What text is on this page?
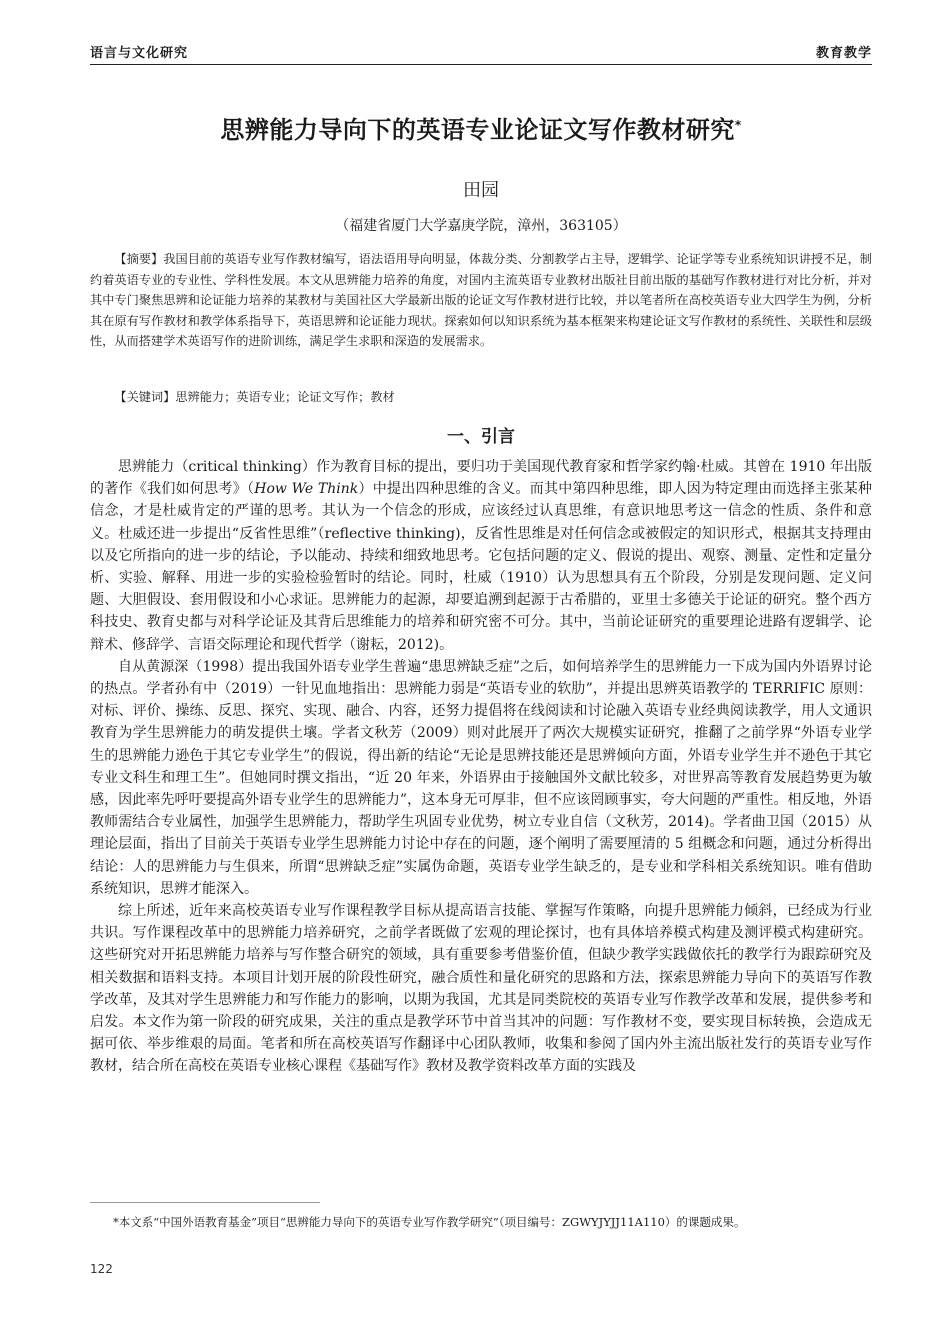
语言与文化研究	教育教学
思辨能力导向下的英语专业论证文写作教材研究*
田园
（福建省厦门大学嘉庚学院，漳州，363105）
【摘要】我国目前的英语专业写作教材编写，语法语用导向明显，体裁分类、分割教学占主导，逻辑学、论证学等专业系统知识讲授不足，制约着英语专业的专业性、学科性发展。本文从思辨能力培养的角度，对国内主流英语专业教材出版社目前出版的基础写作教材进行对比分析，并对其中专门聚焦思辨和论证能力培养的某教材与美国社区大学最新出版的论证文写作教材进行比较，并以笔者所在高校英语专业大四学生为例，分析其在原有写作教材和教学体系指导下，英语思辨和论证能力现状。探索如何以知识系统为基本框架来构建论证文写作教材的系统性、关联性和层级性，从而搭建学术英语写作的进阶训练，满足学生求职和深造的发展需求。
【关键词】思辨能力；英语专业；论证文写作；教材
一、引言

思辨能力（critical thinking）作为教育目标的提出，要归功于美国现代教育家和哲学家约翰·杜威。其曾在 1910 年出版的著作《我们如何思考》（How We Think）中提出四种思维的含义。而其中第四种思维，即人因为特定理由而选择主张某种信念，才是杜威肯定的严谨的思考。其认为一个信念的形成，应该经过认真思维，有意识地思考这一信念的性质、条件和意义。杜威还进一步提出“反省性思维”（reflective thinking)，反省性思维是对任何信念或被假定的知识形式，根据其支持理由以及它所指向的进一步的结论，予以能动、持续和细致地思考。它包括问题的定义、假说的提出、观察、测量、定性和定量分析、实验、解释、用进一步的实验检验暂时的结论。同时，杜威（1910）认为思想具有五个阶段，分别是发现问题、定义问题、大胆假设、套用假设和小心求证。思辨能力的起源，却要追溯到起源于古希腊的，亚里士多德关于论证的研究。整个西方科技史、教育史都与对科学论证及其背后思维能力的培养和研究密不可分。其中，当前论证研究的重要理论进路有逻辑学、论辩术、修辞学、言语交际理论和现代哲学（谢耘，2012)。

自从黄源深（1998）提出我国外语专业学生普遍“患思辨缺乏症”之后，如何培养学生的思辨能力一下成为国内外语界讨论的热点。学者孙有中（2019）一针见血地指出：思辨能力弱是“英语专业的软肋”，并提出思辨英语教学的 TERRIFIC 原则：对标、评价、操练、反思、探究、实现、融合、内容，还努力提倡将在线阅读和讨论融入英语专业经典阅读教学，用人文通识教育为学生思辨能力的萌发提供土壤。学者文秋芳（2009）则对此展开了两次大规模实证研究，推翻了之前学界“外语专业学生的思辨能力逊色于其它专业学生”的假说，得出新的结论“无论是思辨技能还是思辨倾向方面，外语专业学生并不逊色于其它专业文科生和理工生”。但她同时撰文指出，“近 20 年来，外语界由于接触国外文献比较多，对世界高等教育发展趋势更为敏感，因此率先呼吁要提高外语专业学生的思辨能力”，这本身无可厚非，但不应该罔顾事实，夸大问题的严重性。相反地，外语教师需结合专业属性，加强学生思辨能力，帮助学生巩固专业优势，树立专业自信（文秋芳，2014)。学者曲卫国（2015）从理论层面，指出了目前关于英语专业学生思辨能力讨论中存在的问题，逐个阐明了需要厘清的 5 组概念和问题，通过分析得出结论：人的思辨能力与生俱来，所谓“思辨缺乏症”实属伪命题，英语专业学生缺乏的，是专业和学科相关系统知识。唯有借助系统知识，思辨才能深入。

综上所述，近年来高校英语专业写作课程教学目标从提高语言技能、掌握写作策略，向提升思辨能力倾斜，已经成为行业共识。写作课程改革中的思辨能力培养研究，之前学者既做了宏观的理论探讨，也有具体培养模式构建及测评模式构建研究。这些研究对开拓思辨能力培养与写作整合研究的领域，具有重要参考借鉴价值，但缺少教学实践做依托的教学行为跟踪研究及相关数据和语料支持。本项目计划开展的阶段性研究，融合质性和量化研究的思路和方法，探索思辨能力导向下的英语写作教学改革，及其对学生思辨能力和写作能力的影响，以期为我国，尤其是同类院校的英语专业写作教学改革和发展，提供参考和启发。本文作为第一阶段的研究成果，关注的重点是教学环节中首当其冲的问题：写作教材不变，要实现目标转换，会造成无据可依、举步维艰的局面。笔者和所在高校英语写作翻译中心团队教师，收集和参阅了国内外主流出版社发行的英语专业写作教材，结合所在高校在英语专业核心课程《基础写作》教材及教学资料改革方面的实践及

*本文系“中国外语教育基金”项目“思辨能力导向下的英语专业写作教学研究”（项目编号：ZGWYJYJJ11A110）的课题成果。
122
